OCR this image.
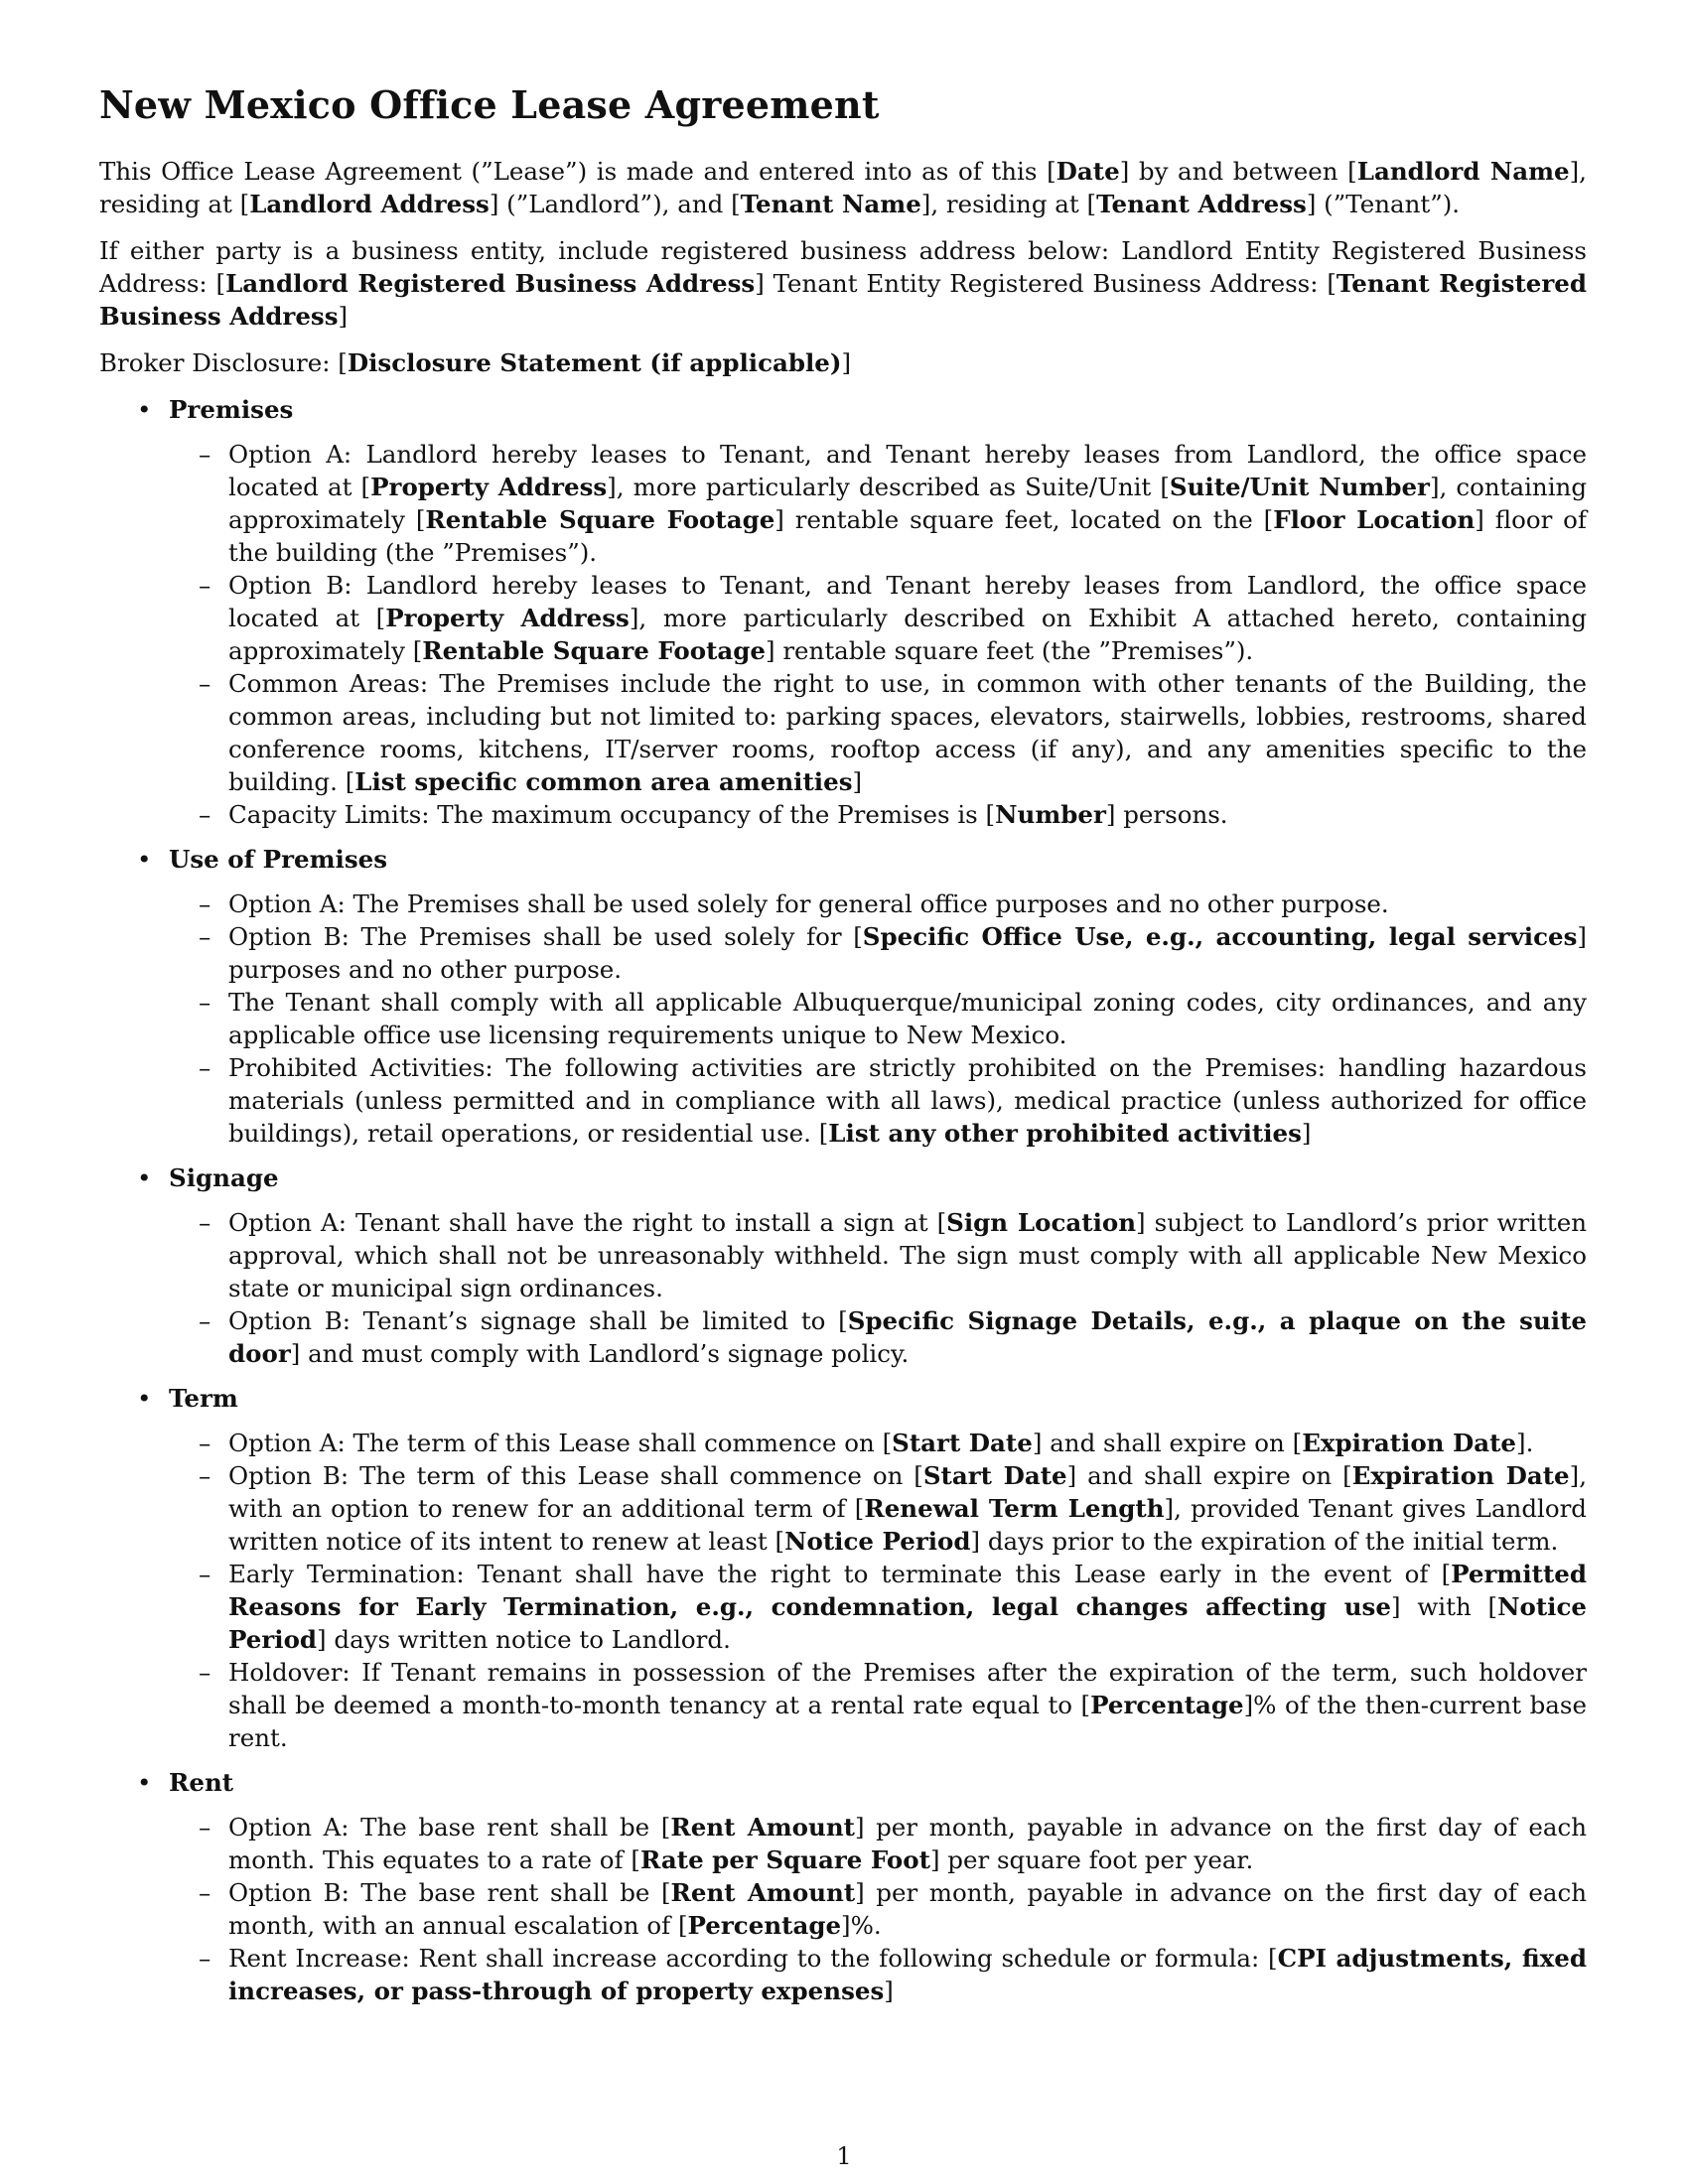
New Mexico Office Lease Agreement

This Office Lease Agreement (”Lease”) is made and entered into as of this [Date] by and between [Landlord Name], residing at [Landlord Address] (”Landlord”), and [Tenant Name], residing at [Tenant Address] (”Tenant”).

If either party is a business entity, include registered business address below: Landlord Entity Registered Business Address: [Landlord Registered Business Address] Tenant Entity Registered Business Address: [Tenant Registered Business Address]

Broker Disclosure: [Disclosure Statement (if applicable)]

• Premises
– Option A: Landlord hereby leases to Tenant, and Tenant hereby leases from Landlord, the office space located at [Property Address], more particularly described as Suite/Unit [Suite/Unit Number], containing approximately [Rentable Square Footage] rentable square feet, located on the [Floor Location] floor of the building (the ”Premises”).
– Option B: Landlord hereby leases to Tenant, and Tenant hereby leases from Landlord, the office space located at [Property Address], more particularly described on Exhibit A attached hereto, containing approximately [Rentable Square Footage] rentable square feet (the ”Premises”).
– Common Areas: The Premises include the right to use, in common with other tenants of the Building, the common areas, including but not limited to: parking spaces, elevators, stairwells, lobbies, restrooms, shared conference rooms, kitchens, IT/server rooms, rooftop access (if any), and any amenities specific to the building. [List specific common area amenities]
– Capacity Limits: The maximum occupancy of the Premises is [Number] persons.
• Use of Premises
– Option A: The Premises shall be used solely for general office purposes and no other purpose.
– Option B: The Premises shall be used solely for [Specific Office Use, e.g., accounting, legal services] purposes and no other purpose.
– The Tenant shall comply with all applicable Albuquerque/municipal zoning codes, city ordinances, and any applicable office use licensing requirements unique to New Mexico.
– Prohibited Activities: The following activities are strictly prohibited on the Premises: handling hazardous materials (unless permitted and in compliance with all laws), medical practice (unless authorized for office buildings), retail operations, or residential use. [List any other prohibited activities]
• Signage
– Option A: Tenant shall have the right to install a sign at [Sign Location] subject to Landlord’s prior written approval, which shall not be unreasonably withheld. The sign must comply with all applicable New Mexico state or municipal sign ordinances.
– Option B: Tenant’s signage shall be limited to [Specific Signage Details, e.g., a plaque on the suite door] and must comply with Landlord’s signage policy.
• Term
– Option A: The term of this Lease shall commence on [Start Date] and shall expire on [Expiration Date].
– Option B: The term of this Lease shall commence on [Start Date] and shall expire on [Expiration Date], with an option to renew for an additional term of [Renewal Term Length], provided Tenant gives Landlord written notice of its intent to renew at least [Notice Period] days prior to the expiration of the initial term.
– Early Termination: Tenant shall have the right to terminate this Lease early in the event of [Permitted Reasons for Early Termination, e.g., condemnation, legal changes affecting use] with [Notice Period] days written notice to Landlord.
– Holdover: If Tenant remains in possession of the Premises after the expiration of the term, such holdover shall be deemed a month-to-month tenancy at a rental rate equal to [Percentage]% of the then-current base rent.
• Rent
– Option A: The base rent shall be [Rent Amount] per month, payable in advance on the first day of each month. This equates to a rate of [Rate per Square Foot] per square foot per year.
– Option B: The base rent shall be [Rent Amount] per month, payable in advance on the first day of each month, with an annual escalation of [Percentage]%.
– Rent Increase: Rent shall increase according to the following schedule or formula: [CPI adjustments, fixed increases, or pass-through of property expenses]
1
